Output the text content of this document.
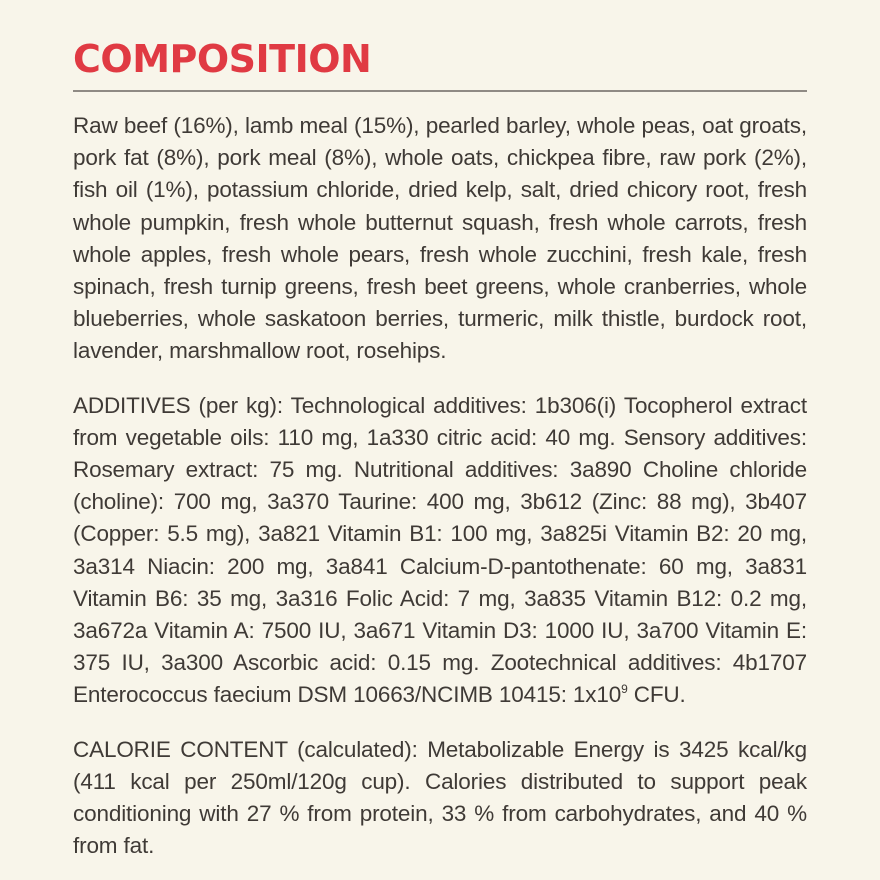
COMPOSITION

Raw beef (16%), lamb meal (15%), pearled barley, whole peas, oat groats, pork fat (8%), pork meal (8%), whole oats, chickpea fibre, raw pork (2%), fish oil (1%), potassium chloride, dried kelp, salt, dried chicory root, fresh whole pumpkin, fresh whole butternut squash, fresh whole carrots, fresh whole apples, fresh whole pears, fresh whole zucchini, fresh kale, fresh spinach, fresh turnip greens, fresh beet greens, whole cranberries, whole blueberries, whole saskatoon berries, turmeric, milk thistle, burdock root, lavender, marshmallow root, rosehips.

ADDITIVES (per kg): Technological additives: 1b306(i) Tocopherol extract from vegetable oils: 110 mg, 1a330 citric acid: 40 mg. Sensory additives: Rosemary extract: 75 mg. Nutritional additives: 3a890 Choline chloride (choline): 700 mg, 3a370 Taurine: 400 mg, 3b612 (Zinc: 88 mg), 3b407 (Copper: 5.5 mg), 3a821 Vitamin B1: 100 mg, 3a825i Vitamin B2: 20 mg, 3a314 Niacin: 200 mg, 3a841 Calcium-D-pantothenate: 60 mg, 3a831 Vitamin B6: 35 mg, 3a316 Folic Acid: 7 mg, 3a835 Vitamin B12: 0.2 mg, 3a672a Vitamin A: 7500 IU, 3a671 Vitamin D3: 1000 IU, 3a700 Vitamin E: 375 IU, 3a300 Ascorbic acid: 0.15 mg. Zootechnical additives: 4b1707 Enterococcus faecium DSM 10663/NCIMB 10415: $1x10^9$ CFU.

CALORIE CONTENT (calculated): Metabolizable Energy is 3425 kcal/kg (411 kcal per 250ml/120g cup). Calories distributed to support peak conditioning with 27 % from protein, 33 % from carbohydrates, and 40 % from fat.
